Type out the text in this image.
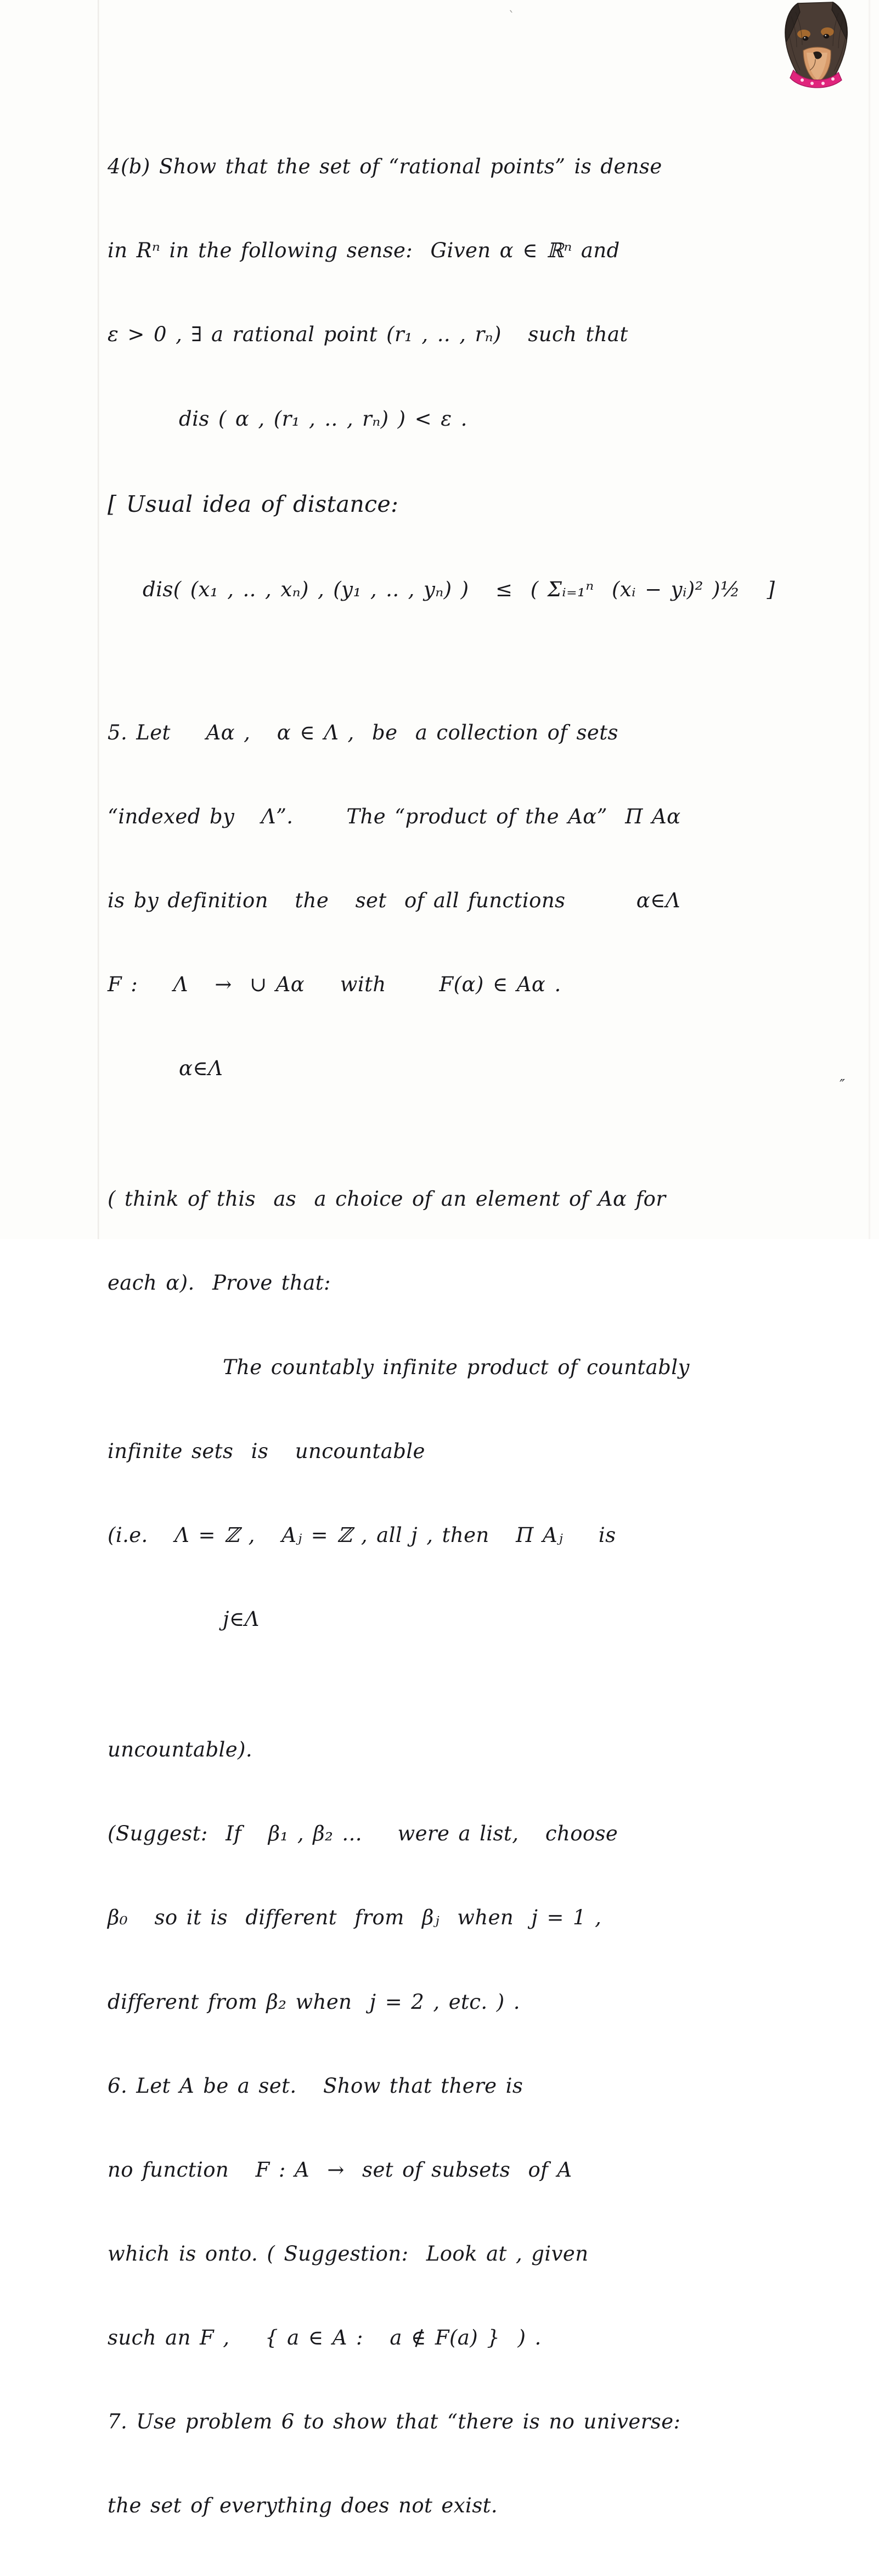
ˋ

4(b) Show that the set of “rational points” is dense

in Rⁿ in the following sense:  Given α ∈ ℝⁿ and

ε > 0 , ∃ a rational point (r₁ , .. , rₙ)   such that

dis ( α , (r₁ , .. , rₙ) ) < ε .

[ Usual idea of distance:

dis( (x₁ , .. , xₙ) , (y₁ , .. , yₙ) )   ≤  ( Σᵢ₌₁ⁿ  (xᵢ − yᵢ)² )½   ]

5. Let    Aα ,   α ∈ Λ ,  be  a collection of sets

“indexed by   Λ”.      The “product of the Aα”  Π Aα

is by definition   the   set  of all functions        α∈Λ

F :    Λ   →  ∪ Aα    with      F(α) ∈ Aα .

α∈Λ

( think of this  as  a choice of an element of Aα for

each α).  Prove that:

The countably infinite product of countably

infinite sets  is   uncountable

(i.e.   Λ = ℤ ,   Aⱼ = ℤ , all j , then   Π Aⱼ    is

j∈Λ

uncountable).

(Suggest:  If   β₁ , β₂ ...    were a list,   choose

β₀   so it is  different  from  βⱼ  when  j = 1 ,

different from β₂ when  j = 2 , etc. ) .

6. Let A be a set.   Show that there is

no function   F : A  →  set of subsets  of A

which is onto. ( Suggestion:  Look at , given

such an F ,    { a ∈ A :   a ∉ F(a) }  ) .

7. Use problem 6 to show that “there is no universe:

the set of everything does not exist.

″
